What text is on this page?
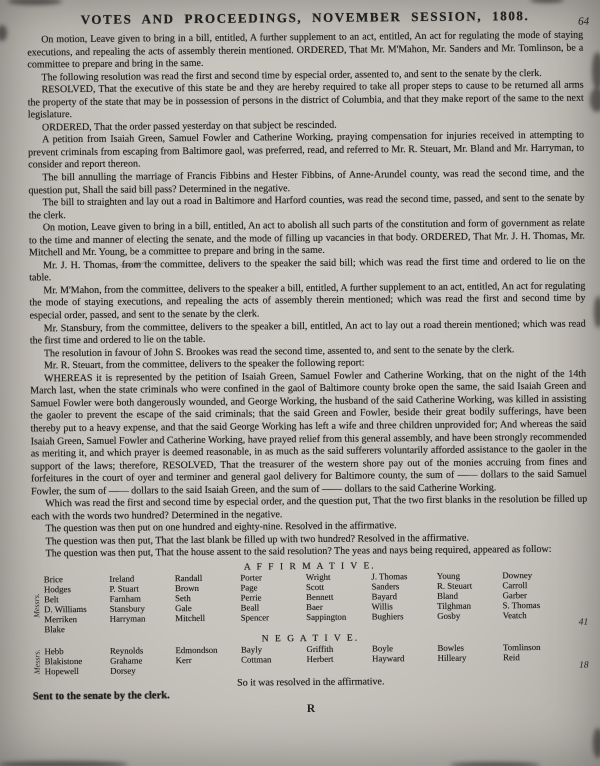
VOTES AND PROCEEDINGS, NOVEMBER SESSION, 1808.	64

On motion, Leave given to bring in a bill, entitled, A further supplement to an act, entitled, An act for regulating the mode of staying executions, and repealing the acts of assembly therein mentioned. ORDERED, That Mr. M'Mahon, Mr. Sanders and Mr. Tomlinson, be a committee to prepare and bring in the same.

The following resolution was read the first and second time by especial order, assented to, and sent to the senate by the clerk.

RESOLVED, That the executive of this state be and they are hereby required to take all proper steps to cause to be returned all arms the property of the state that may be in possession of persons in the district of Columbia, and that they make report of the same to the next legislature.

ORDERED, That the order passed yesterday on that subject be rescinded.

A petition from Isaiah Green, Samuel Fowler and Catherine Working, praying compensation for injuries received in attempting to prevent criminals from escaping from Baltimore gaol, was preferred, read, and referred to Mr. R. Steuart, Mr. Bland and Mr. Harryman, to consider and report thereon.

The bill annulling the marriage of Francis Fibbins and Hester Fibbins, of Anne-Arundel county, was read the second time, and the question put, Shall the said bill pass? Determined in the negative.

The bill to straighten and lay out a road in Baltimore and Harford counties, was read the second time, passed, and sent to the senate by the clerk.

On motion, Leave given to bring in a bill, entitled, An act to abolish all such parts of the constitution and form of government as relate to the time and manner of electing the senate, and the mode of filling up vacancies in that body. ORDERED, That Mr. J. H. Thomas, Mr. Mitchell and Mr. Young, be a committee to prepare and bring in the same.

Mr. J. H. Thomas, from the committee, delivers to the speaker the said bill; which was read the first time and ordered to lie on the table.

Mr. M'Mahon, from the committee, delivers to the speaker a bill, entitled, A further supplement to an act, entitled, An act for regulating the mode of staying executions, and repealing the acts of assembly therein mentioned; which was read the first and second time by especial order, passed, and sent to the senate by the clerk.

Mr. Stansbury, from the committee, delivers to the speaker a bill, entitled, An act to lay out a road therein mentioned; which was read the first time and ordered to lie on the table.

The resolution in favour of John S. Brookes was read the second time, assented to, and sent to the senate by the clerk.

Mr. R. Steuart, from the committee, delivers to the speaker the following report:

WHEREAS it is represented by the petition of Isaiah Green, Samuel Fowler and Catherine Working, that on the night of the 14th March last, when the state criminals who were confined in the gaol of Baltimore county broke open the same, the said Isaiah Green and Samuel Fowler were both dangerously wounded, and George Working, the husband of the said Catherine Working, was killed in assisting the gaoler to prevent the escape of the said criminals; that the said Green and Fowler, beside their great bodily sufferings, have been thereby put to a heavy expense, and that the said George Working has left a wife and three children unprovided for; And whereas the said Isaiah Green, Samuel Fowler and Catherine Working, have prayed relief from this general assembly, and have been strongly recommended as meriting it, and which prayer is deemed reasonable, in as much as the said sufferers voluntarily afforded assistance to the gaoler in the support of the laws; therefore, RESOLVED, That the treasurer of the western shore pay out of the monies accruing from fines and forfeitures in the court of oyer and terminer and general gaol delivery for Baltimore county, the sum of —— dollars to the said Samuel Fowler, the sum of —— dollars to the said Isaiah Green, and the sum of —— dollars to the said Catherine Working.

Which was read the first and second time by especial order, and the question put, That the two first blanks in the resolution be filled up each with the words two hundred? Determined in the negative.

The question was then put on one hundred and eighty-nine. Resolved in the affirmative.

The question was then put, That the last blank be filled up with two hundred? Resolved in the affirmative.

The question was then put, That the house assent to the said resolution? The yeas and nays being required, appeared as follow:

A F F I R M A T I V E.
Messrs.
Brice
Hodges
Belt
D. Williams
Merriken
Blake
Ireland
P. Stuart
Farnham
Stansbury
Harryman
Randall
Brown
Seth
Gale
Mitchell
Porter
Page
Perrie
Beall
Spencer
Wright
Scott
Bennett
Baer
Sappington
J. Thomas
Sanders
Bayard
Willis
Bughiers
Young
R. Steuart
Bland
Tilghman
Gosby
Downey
Carroll
Garber
S. Thomas
Veatch
41
N E G A T I V E.
Messrs. Hebb
Blakistone
Hopewell
Reynolds
Grahame
Dorsey
Edmondson
Kerr
Bayly
Cottman
Griffith
Herbert
Boyle
Hayward
Bowles
Hilleary
Tomlinson
Reid
18
So it was resolved in the affirmative.
Sent to the senate by the clerk.
R
